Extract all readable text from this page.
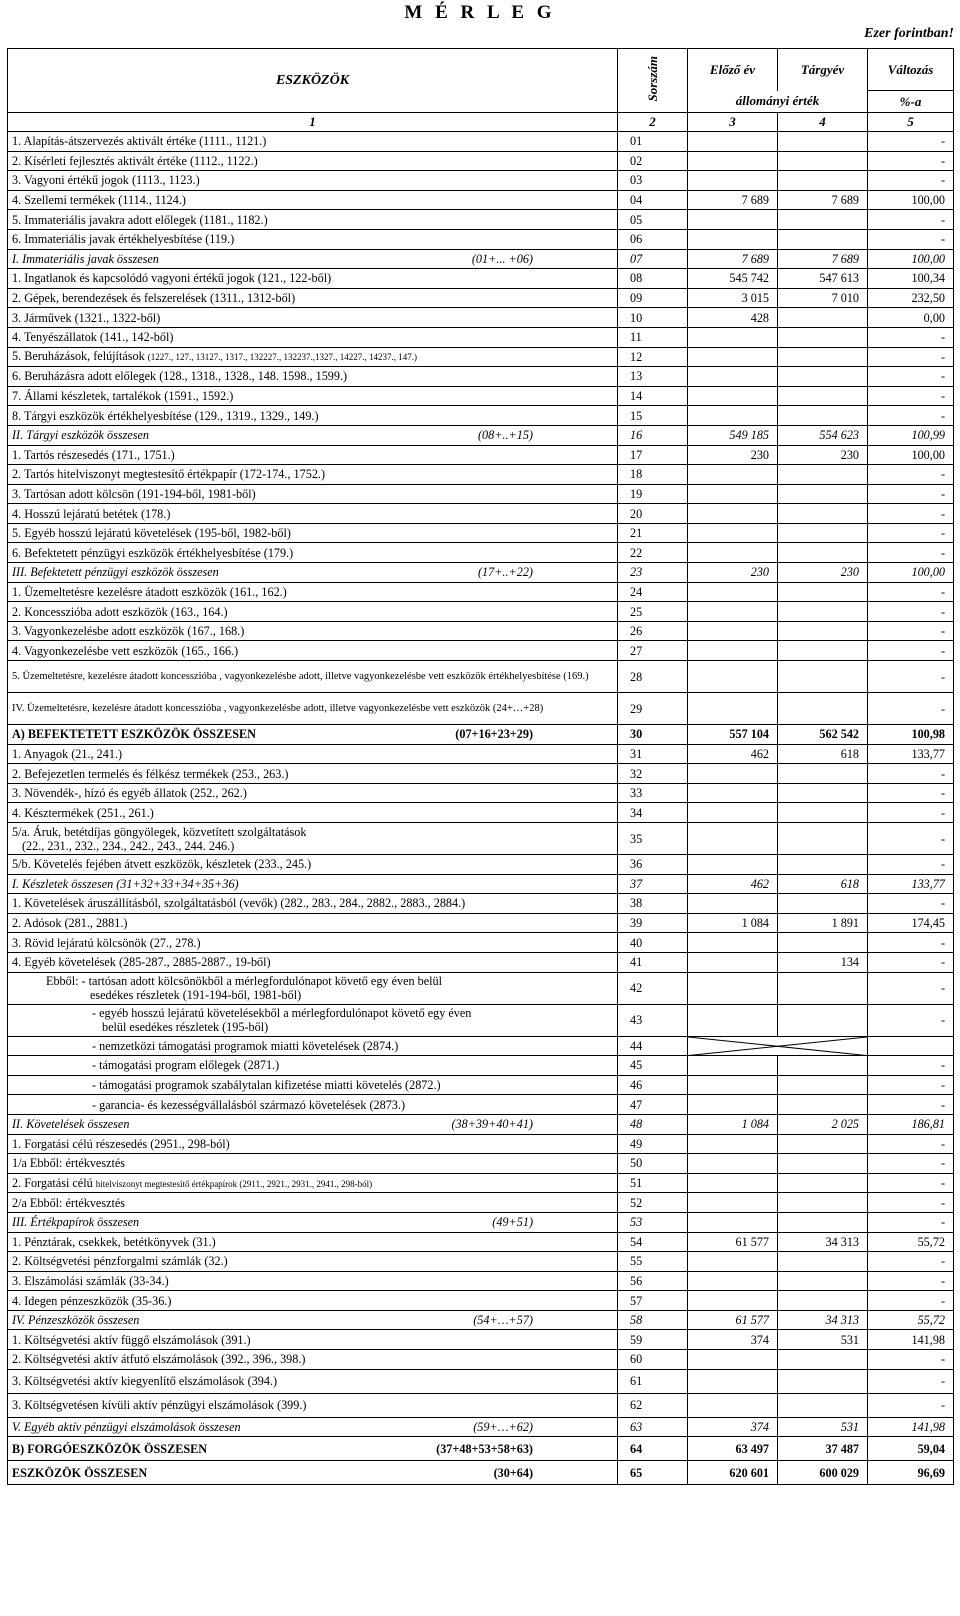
M É R L E G
Ezer forintban!
ESZKÖZÖK	Sorszám	Előző év	Tárgyév	Változás
		állományi érték		%-a
1	2	3	4	5
1. Alapítás-átszervezés aktivált értéke (1111., 1121.)	01			-
2. Kísérleti fejlesztés aktivált értéke (1112., 1122.)	02			-
3. Vagyoni értékű jogok (1113., 1123.)	03			-
4. Szellemi termékek (1114., 1124.)	04	7 689	7 689	100,00
5. Immateriális javakra adott előlegek (1181., 1182.)	05			-
6. Immateriális javak értékhelyesbítése (119.)	06			-

I. Immateriális javak összesen (01+... +06)	07	7 689	7 689	100,00
1. Ingatlanok és kapcsolódó vagyoni értékű jogok (121., 122-ből)	08	545 742	547 613	100,34
2. Gépek, berendezések és felszerelések (1311., 1312-ből)	09	3 015	7 010	232,50
3. Járművek (1321., 1322-ből)	10	428		0,00
4. Tenyészállatok (141., 142-ből)	11			-
5. Beruházások, felújítások (1227., 127., 13127., 1317., 132227., 132237.,1327., 14227., 14237., 147.)	12			-
6. Beruházásra adott előlegek (128., 1318., 1328., 148. 1598., 1599.)	13			-
7. Állami készletek, tartalékok (1591., 1592.)	14			-
8. Tárgyi eszközök értékhelyesbítése (129., 1319., 1329., 149.)	15			-

II. Tárgyi eszközök összesen (08+..+15)	16	549 185	554 623	100,99
1. Tartós részesedés (171., 1751.)	17	230	230	100,00
2. Tartós hitelviszonyt megtestesítő értékpapír (172-174., 1752.)	18			-
3. Tartósan adott kölcsön (191-194-ből, 1981-ből)	19			-
4. Hosszú lejáratú betétek (178.)	20			-
5. Egyéb hosszú lejáratú követelések (195-ből, 1982-ből)	21			-
6. Befektetett pénzügyi eszközök értékhelyesbítése (179.)	22			-

III. Befektetett pénzügyi eszközök összesen (17+..+22)	23	230	230	100,00
1. Üzemeltetésre kezelésre átadott eszközök (161., 162.)	24			-
2. Koncesszióba adott eszközök (163., 164.)	25			-
3. Vagyonkezelésbe adott eszközök (167., 168.)	26			-
4. Vagyonkezelésbe vett eszközök (165., 166.)	27			-
5. Üzemeltetésre, kezelésre átadott koncesszióba , vagyonkezelésbe adott, illetve vagyonkezelésbe vett eszközök értékhelyesbítése (169.)	28			-
IV. Üzemeltetésre, kezelésre átadott koncesszióba , vagyonkezelésbe adott, illetve vagyonkezelésbe vett eszközök (24+…+28)	29			-

A) BEFEKTETETT ESZKÖZÖK ÖSSZESEN (07+16+23+29)	30	557 104	562 542	100,98
1. Anyagok (21., 241.)	31	462	618	133,77
2. Befejezetlen termelés és félkész termékek (253., 263.)	32			-
3. Növendék-, hízó és egyéb állatok (252., 262.)	33			-
4. Késztermékek (251., 261.)	34			-
5/a. Áruk, betétdíjas göngyölegek, közvetített szolgáltatások
(22., 231., 232., 234., 242., 243., 244. 246.)	35			-
5/b. Követelés fejében átvett eszközök, készletek (233., 245.)	36			-
I. Készletek összesen (31+32+33+34+35+36)	37	462	618	133,77
1. Követelések áruszállításból, szolgáltatásból (vevők) (282., 283., 284., 2882., 2883., 2884.)	38			-
2. Adósok (281., 2881.)	39	1 084	1 891	174,45
3. Rövid lejáratú kölcsönök (27., 278.)	40			-
4. Egyéb követelések (285-287., 2885-2887., 19-ből)	41		134	-
Ebből: - tartósan adott kölcsönökből a mérlegfordulónapot követő egy éven belül
esedékes részletek (191-194-ből, 1981-ből)	42			-
- egyéb hosszú lejáratú követelésekből a mérlegfordulónapot követő egy éven
belül esedékes részletek (195-ből)	43			-
- nemzetközi támogatási programok miatti követelések (2874.)	44	

- támogatási program előlegek (2871.)	45			-
- támogatási programok szabálytalan kifizetése miatti követelés (2872.)	46			-
- garancia- és kezességvállalásból származó követelések (2873.)	47			-

II. Követelések összesen (38+39+40+41)	48	1 084	2 025	186,81
1. Forgatási célú részesedés (2951., 298-ból)	49			-
1/a Ebből: értékvesztés	50			-
2. Forgatási célú hitelviszonyt megtestesítő értékpapírok (2911., 2921., 2931., 2941., 298-ból)	51			-
2/a Ebből: értékvesztés	52			-

III. Értékpapírok összesen (49+51)	53			-
1. Pénztárak, csekkek, betétkönyvek (31.)	54	61 577	34 313	55,72
2. Költségvetési pénzforgalmi számlák (32.)	55			-
3. Elszámolási számlák (33-34.)	56			-
4. Idegen pénzeszközök (35-36.)	57			-

IV. Pénzeszközök összesen (54+…+57)	58	61 577	34 313	55,72
1. Költségvetési aktív függő elszámolások (391.)	59	374	531	141,98
2. Költségvetési aktív átfutó elszámolások (392., 396., 398.)	60			-
3. Költségvetési aktív kiegyenlítő elszámolások (394.)	61			-
3. Költségvetésen kívüli aktív pénzügyi elszámolások (399.)	62			-

V. Egyéb aktív pénzügyi elszámolások összesen (59+…+62)	63	374	531	141,98

B) FORGÓESZKÖZÖK ÖSSZESEN (37+48+53+58+63)	64	63 497	37 487	59,04

ESZKÖZÖK ÖSSZESEN (30+64)	65	620 601	600 029	96,69
